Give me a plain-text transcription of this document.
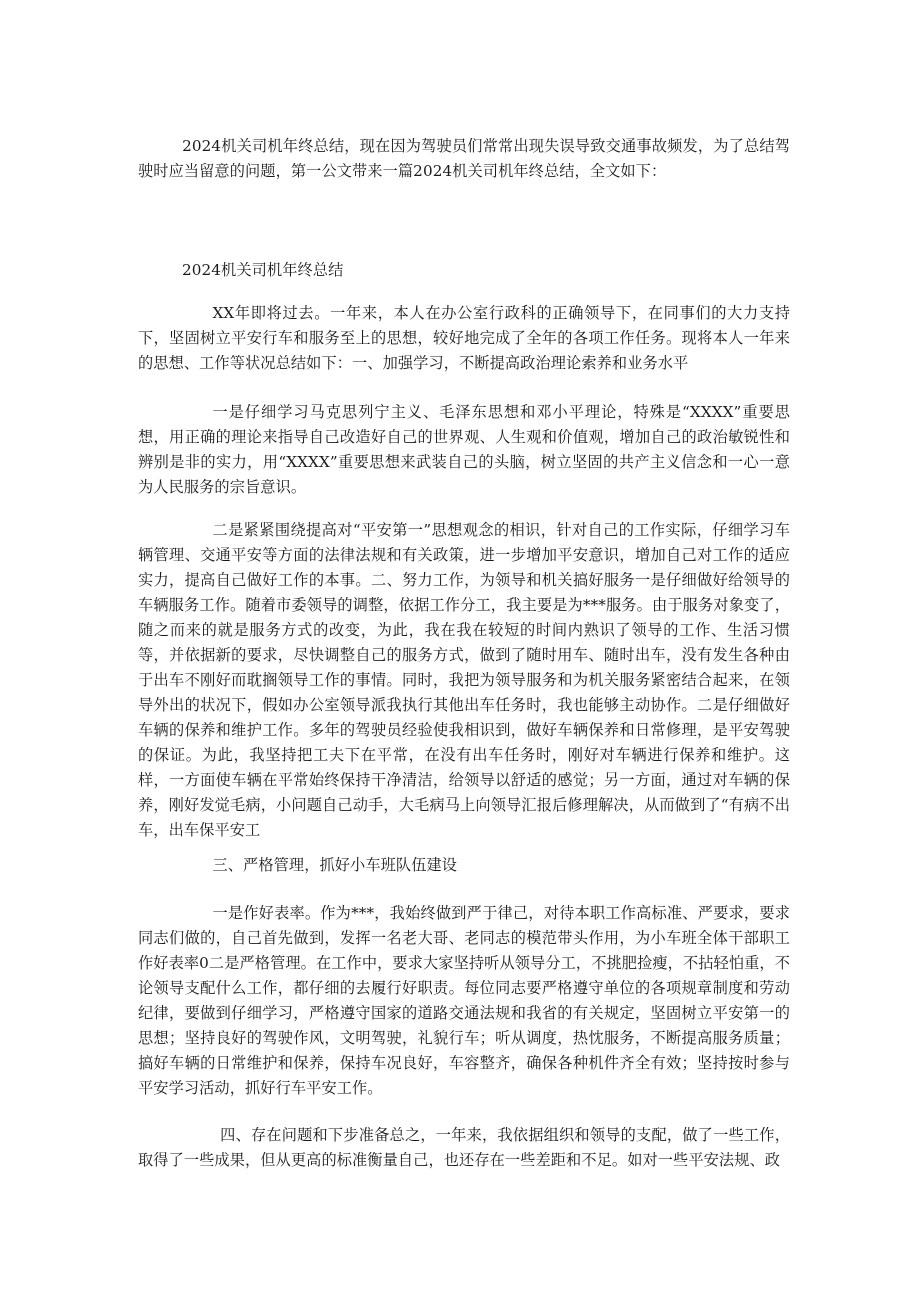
2024机关司机年终总结，现在因为驾驶员们常常出现失误导致交通事故频发，为了总结驾驶时应当留意的问题，第一公文带来一篇2024机关司机年终总结，全文如下：

2024机关司机年终总结

XX年即将过去。一年来，本人在办公室行政科的正确领导下，在同事们的大力支持下，坚固树立平安行车和服务至上的思想，较好地完成了全年的各项工作任务。现将本人一年来的思想、工作等状况总结如下：一、加强学习，不断提高政治理论索养和业务水平

一是仔细学习马克思列宁主义、毛泽东思想和邓小平理论，特殊是“XXXX”重要思想，用正确的理论来指导自己改造好自己的世界观、人生观和价值观，增加自己的政治敏锐性和辨别是非的实力，用“XXXX”重要思想来武装自己的头脑，树立坚固的共产主义信念和一心一意为人民服务的宗旨意识。

二是紧紧围绕提高对“平安第一”思想观念的相识，针对自己的工作实际，仔细学习车辆管理、交通平安等方面的法律法规和有关政策，进一步增加平安意识，增加自己对工作的适应实力，提高自己做好工作的本事。二、努力工作，为领导和机关搞好服务一是仔细做好给领导的车辆服务工作。随着市委领导的调整，依据工作分工，我主要是为***服务。由于服务对象变了，随之而来的就是服务方式的改变，为此，我在我在较短的时间内熟识了领导的工作、生活习惯等，并依据新的要求，尽快调整自己的服务方式，做到了随时用车、随时出车，没有发生各种由于出车不刚好而耽搁领导工作的事情。同时，我把为领导服务和为机关服务紧密结合起来，在领导外出的状况下，假如办公室领导派我执行其他出车任务时，我也能够主动协作。二是仔细做好车辆的保养和维护工作。多年的驾驶员经验使我相识到，做好车辆保养和日常修理，是平安驾驶的保证。为此，我坚持把工夫下在平常，在没有出车任务时，刚好对车辆进行保养和维护。这样，一方面使车辆在平常始终保持干净清洁，给领导以舒适的感觉；另一方面，通过对车辆的保养，刚好发觉毛病，小问题自己动手，大毛病马上向领导汇报后修理解决，从而做到了“有病不出车，出车保平安工

三、严格管理，抓好小车班队伍建设

一是作好表率。作为***，我始终做到严于律己，对待本职工作高标准、严要求，要求同志们做的，自己首先做到，发挥一名老大哥、老同志的模范带头作用，为小车班全体干部职工作好表率0二是严格管理。在工作中，要求大家坚持听从领导分工，不挑肥捡瘦，不拈轻怕重，不论领导支配什么工作，都仔细的去履行好职责。每位同志要严格遵守单位的各项规章制度和劳动纪律，要做到仔细学习，严格遵守国家的道路交通法规和我省的有关规定，坚固树立平安第一的思想；坚持良好的驾驶作风，文明驾驶，礼貌行车；听从调度，热忱服务，不断提高服务质量；搞好车辆的日常维护和保养，保持车况良好，车容整齐，确保各种机件齐全有效；坚持按时参与平安学习活动，抓好行车平安工作。

四、存在问题和下步准备总之，一年来，我依据组织和领导的支配，做了一些工作，取得了一些成果，但从更高的标准衡量自己，也还存在一些差距和不足。如对一些平安法规、政
